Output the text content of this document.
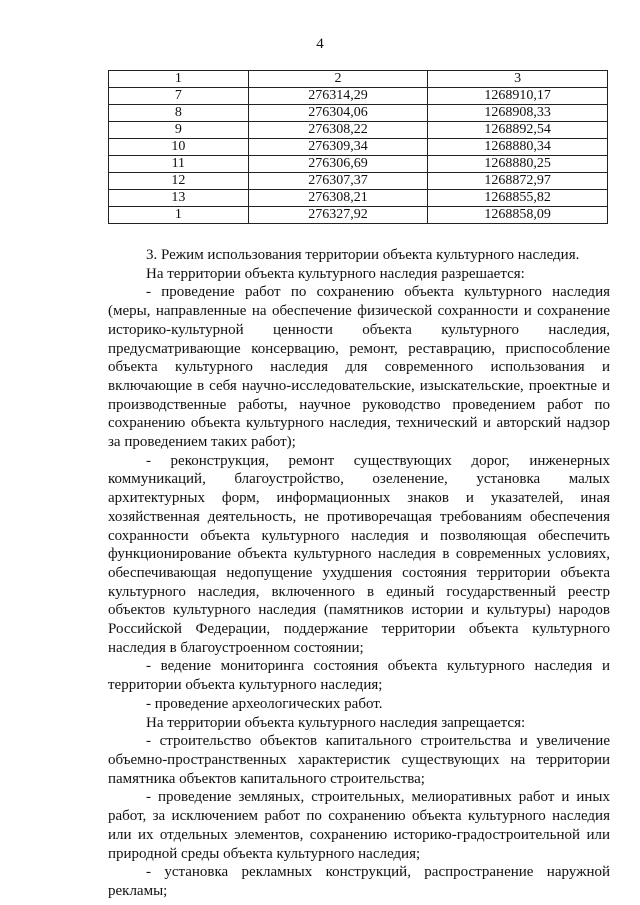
4
1	2	3
7	276314,29	1268910,17
8	276304,06	1268908,33
9	276308,22	1268892,54
10	276309,34	1268880,34
11	276306,69	1268880,25
12	276307,37	1268872,97
13	276308,21	1268855,82
1	276327,92	1268858,09

3. Режим использования территории объекта культурного наследия.

На территории объекта культурного наследия разрешается:

- проведение работ по сохранению объекта культурного наследия (меры, направленные на обеспечение физической сохранности и сохранение историко-культурной ценности объекта культурного наследия, предусматривающие консервацию, ремонт, реставрацию, приспособление объекта культурного наследия для современного использования и включающие в себя научно-исследовательские, изыскательские, проектные и производственные работы, научное руководство проведением работ по сохранению объекта культурного наследия, технический и авторский надзор за проведением таких работ);

- реконструкция, ремонт существующих дорог, инженерных коммуникаций, благоустройство, озеленение, установка малых архитектурных форм, информационных знаков и указателей, иная хозяйственная деятельность, не противоречащая требованиям обеспечения сохранности объекта культурного наследия и позволяющая обеспечить функционирование объекта культурного наследия в современных условиях, обеспечивающая недопущение ухудшения состояния территории объекта культурного наследия, включенного в единый государственный реестр объектов культурного наследия (памятников истории и культуры) народов Российской Федерации, поддержание территории объекта культурного наследия в благоустроенном состоянии;

- ведение мониторинга состояния объекта культурного наследия и территории объекта культурного наследия;

- проведение археологических работ.

На территории объекта культурного наследия запрещается:

- строительство объектов капитального строительства и увеличение объемно-пространственных характеристик существующих на территории памятника объектов капитального строительства;

- проведение земляных, строительных, мелиоративных работ и иных работ, за исключением работ по сохранению объекта культурного наследия или их отдельных элементов, сохранению историко-градостроительной или природной среды объекта культурного наследия;

- установка рекламных конструкций, распространение наружной рекламы;
